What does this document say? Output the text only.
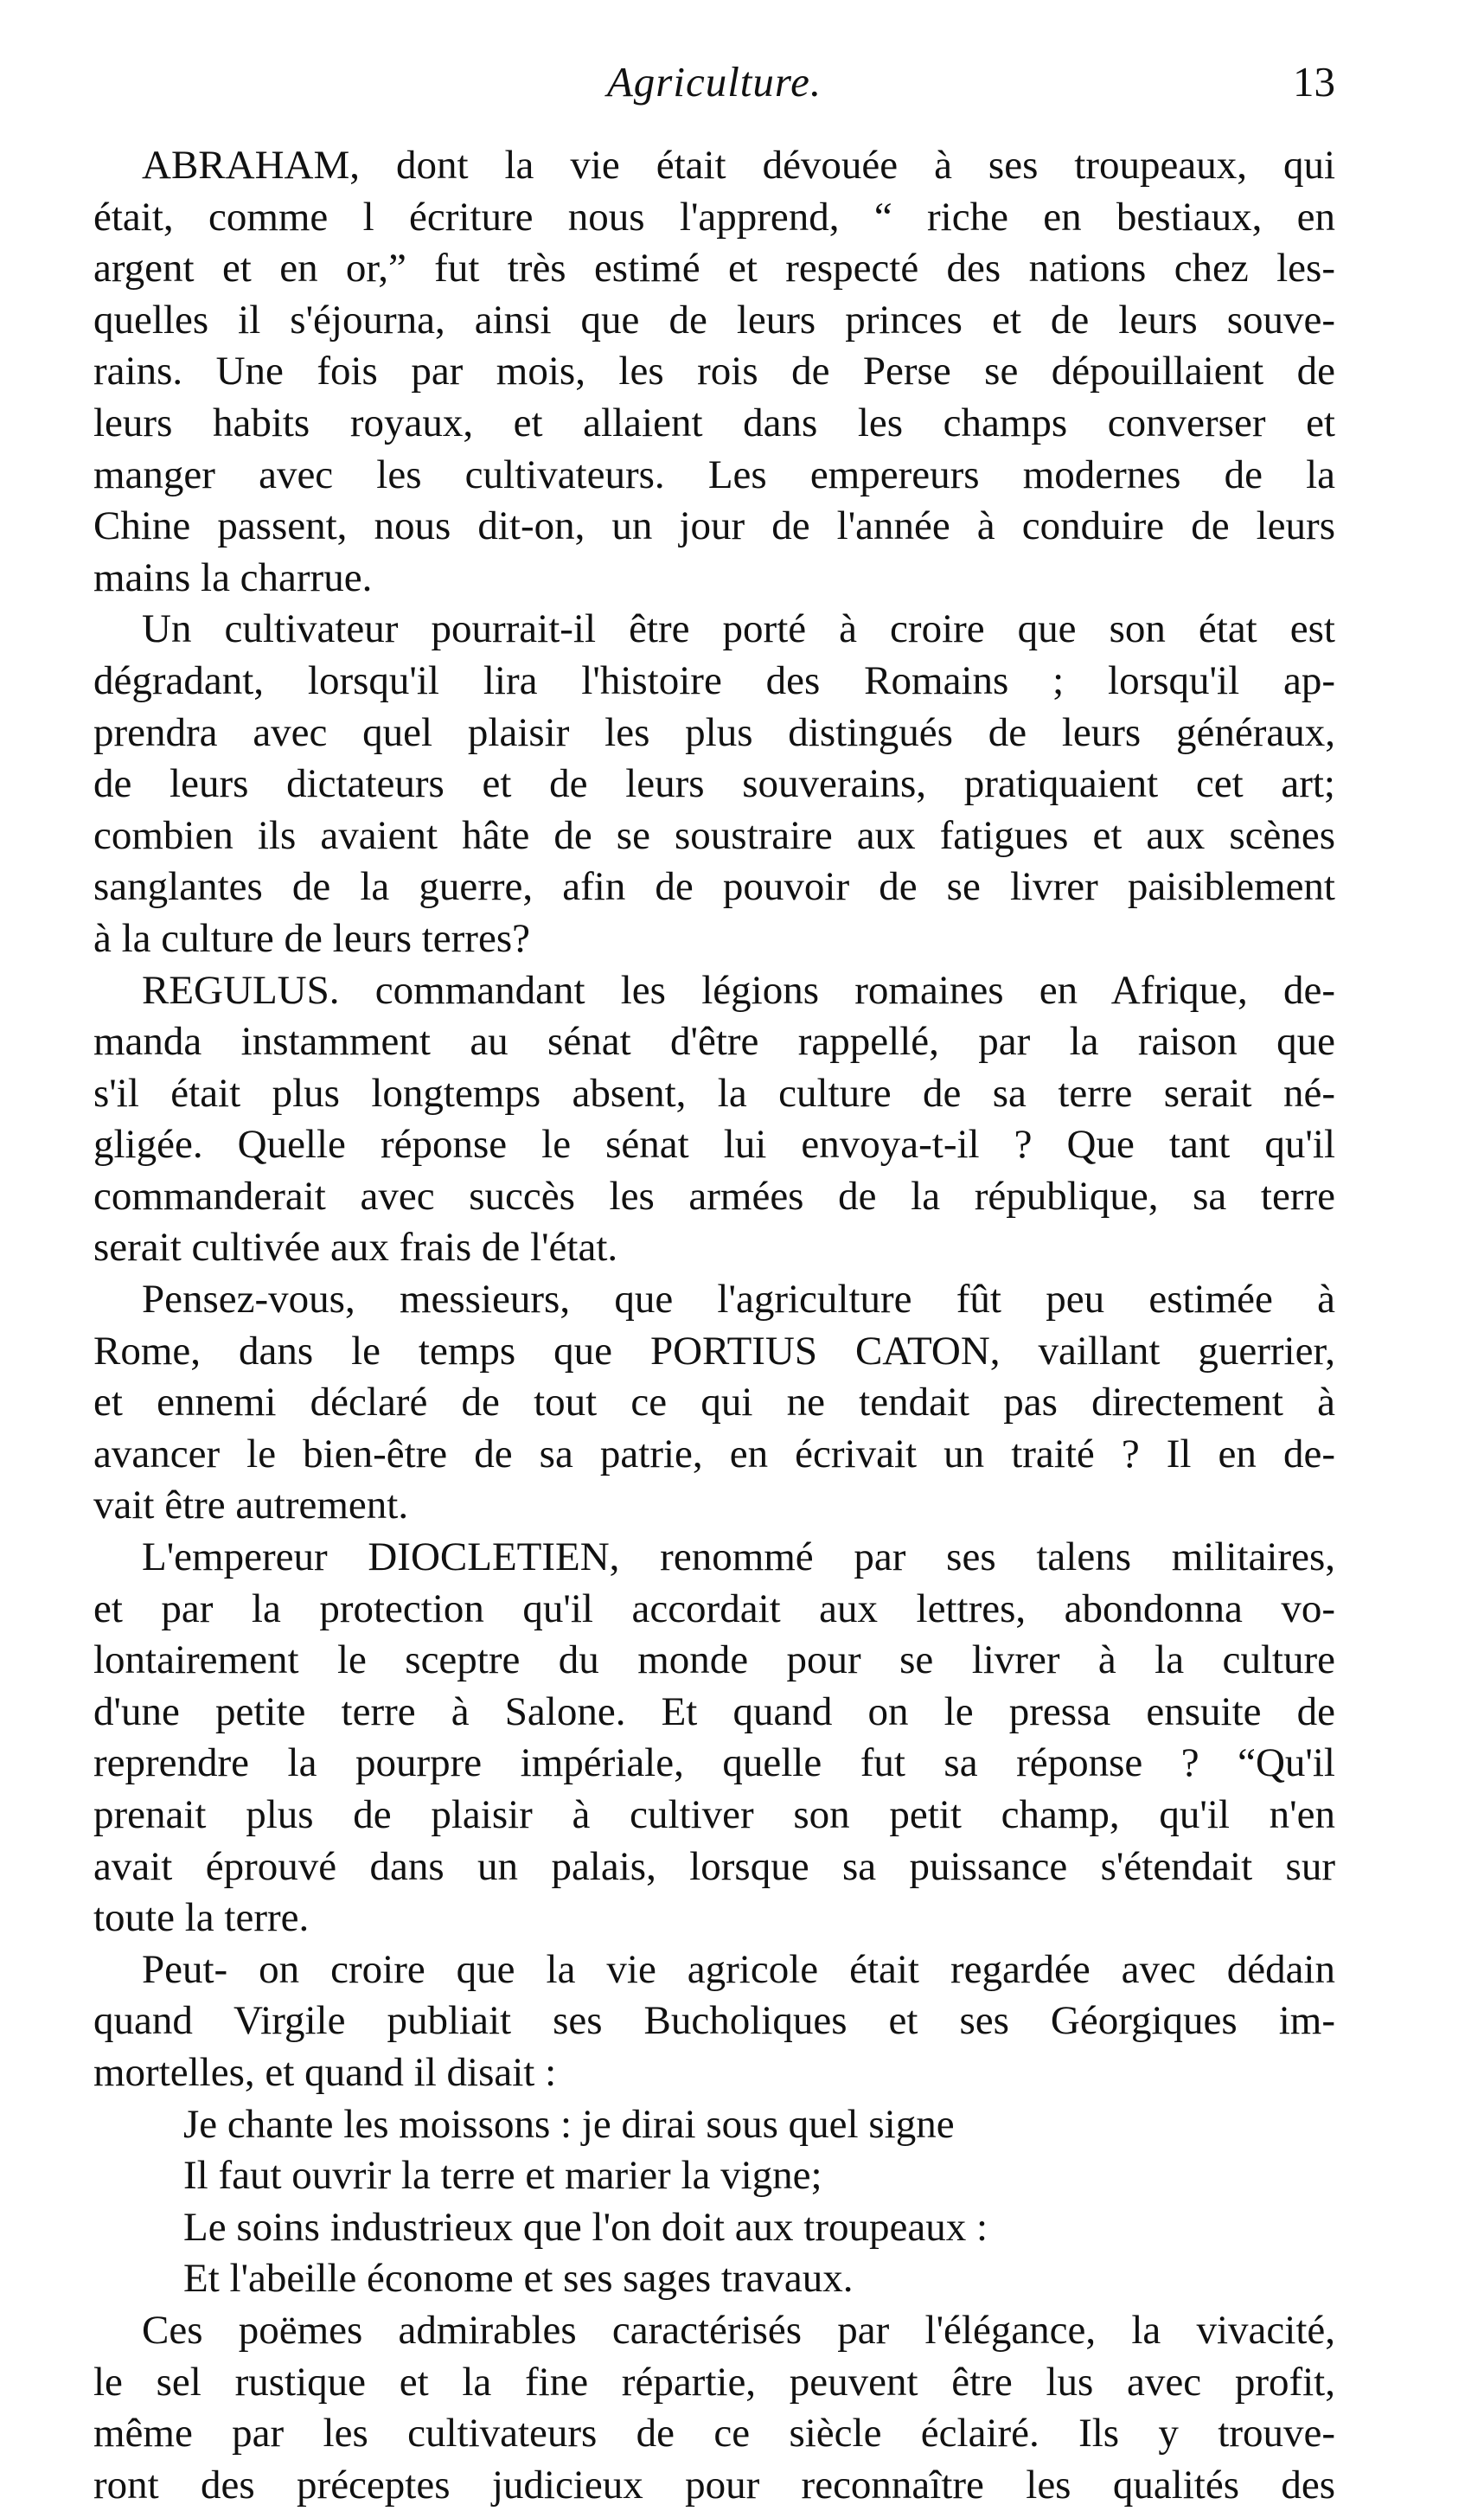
Agriculture.	13
ABRAHAM, dont la vie était dévouée à ses troupeaux, qui
était, comme l écriture nous l'apprend, “ riche en bestiaux, en
argent et en or,” fut très estimé et respecté des nations chez les-
quelles il s'éjourna, ainsi que de leurs princes et de leurs souve-
rains. Une fois par mois, les rois de Perse se dépouillaient de
leurs habits royaux, et allaient dans les champs converser et
manger avec les cultivateurs. Les empereurs modernes de la
Chine passent, nous dit-on, un jour de l'année à conduire de leurs
mains la charrue.
Un cultivateur pourrait-il être porté à croire que son état est
dégradant, lorsqu'il lira l'histoire des Romains ; lorsqu'il ap-
prendra avec quel plaisir les plus distingués de leurs généraux,
de leurs dictateurs et de leurs souverains, pratiquaient cet art;
combien ils avaient hâte de se soustraire aux fatigues et aux scènes
sanglantes de la guerre, afin de pouvoir de se livrer paisiblement
à la culture de leurs terres?
REGULUS. commandant les légions romaines en Afrique, de-
manda instamment au sénat d'être rappellé, par la raison que
s'il était plus longtemps absent, la culture de sa terre serait né-
gligée. Quelle réponse le sénat lui envoya-t-il ? Que tant qu'il
commanderait avec succès les armées de la république, sa terre
serait cultivée aux frais de l'état.
Pensez-vous, messieurs, que l'agriculture fût peu estimée à
Rome, dans le temps que PORTIUS CATON, vaillant guerrier,
et ennemi déclaré de tout ce qui ne tendait pas directement à
avancer le bien-être de sa patrie, en écrivait un traité ? Il en de-
vait être autrement.
L'empereur DIOCLETIEN, renommé par ses talens militaires,
et par la protection qu'il accordait aux lettres, abondonna vo-
lontairement le sceptre du monde pour se livrer à la culture
d'une petite terre à Salone. Et quand on le pressa ensuite de
reprendre la pourpre impériale, quelle fut sa réponse ? “Qu'il
prenait plus de plaisir à cultiver son petit champ, qu'il n'en
avait éprouvé dans un palais, lorsque sa puissance s'étendait sur
toute la terre.
Peut- on croire que la vie agricole était regardée avec dédain
quand Virgile publiait ses Bucholiques et ses Géorgiques im-
mortelles, et quand il disait :
Je chante les moissons : je dirai sous quel signe
Il faut ouvrir la terre et marier la vigne;
Le soins industrieux que l'on doit aux troupeaux :
Et l'abeille économe et ses sages travaux.
Ces poëmes admirables caractérisés par l'élégance, la vivacité,
le sel rustique et la fine répartie, peuvent être lus avec profit,
même par les cultivateurs de ce siècle éclairé. Ils y trouve-
ront des préceptes judicieux pour reconnaître les qualités des
